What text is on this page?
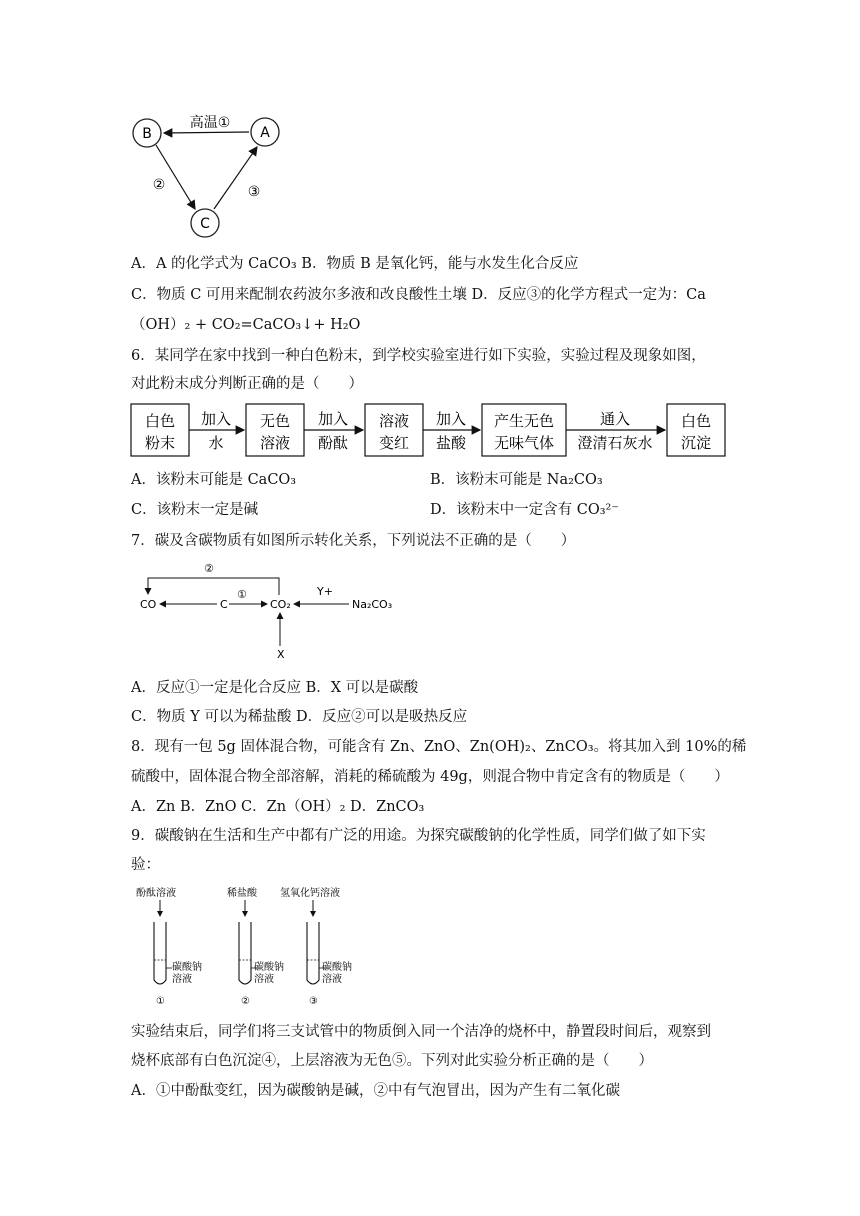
B	A
C
高温①
②	③
A．A 的化学式为 CaCO₃ B．物质 B 是氧化钙，能与水发生化合反应
C．物质 C 可用来配制农药波尔多液和改良酸性土壤 D．反应③的化学方程式一定为：Ca
（OH）₂ + CO₂=CaCO₃↓+ H₂O
6．某同学在家中找到一种白色粉末，到学校实验室进行如下实验，实验过程及现象如图，
对此粉末成分判断正确的是（　　）
白色
粉末
无色
溶液
溶液
变红
产生无色
无味气体
白色
沉淀
加入
水
加入
酚酞
加入
盐酸
通入
澄清石灰水
A．该粉末可能是 CaCO₃	B．该粉末可能是 Na₂CO₃
C．该粉末一定是碱	D．该粉末中一定含有 CO₃²⁻
7．碳及含碳物质有如图所示转化关系，下列说法不正确的是（　　）
CO	C	CO₂	Na₂CO₃
X
Y+
①
②
A．反应①一定是化合反应 B．X 可以是碳酸
C．物质 Y 可以为稀盐酸 D．反应②可以是吸热反应
8．现有一包 5g 固体混合物，可能含有 Zn、ZnO、Zn(OH)₂、ZnCO₃。将其加入到 10%的稀
硫酸中，固体混合物全部溶解，消耗的稀硫酸为 49g，则混合物中肯定含有的物质是（　　）
A．Zn B．ZnO C．Zn（OH）₂ D．ZnCO₃
9．碳酸钠在生活和生产中都有广泛的用途。为探究碳酸钠的化学性质，同学们做了如下实
验：
酚酞溶液
碳酸钠
溶液
①
稀盐酸
碳酸钠
溶液
②
氢氧化钙溶液
碳酸钠
溶液
③
实验结束后，同学们将三支试管中的物质倒入同一个洁净的烧杯中，静置段时间后，观察到
烧杯底部有白色沉淀④，上层溶液为无色⑤。下列对此实验分析正确的是（　　）
A．①中酚酞变红，因为碳酸钠是碱，②中有气泡冒出，因为产生有二氧化碳
